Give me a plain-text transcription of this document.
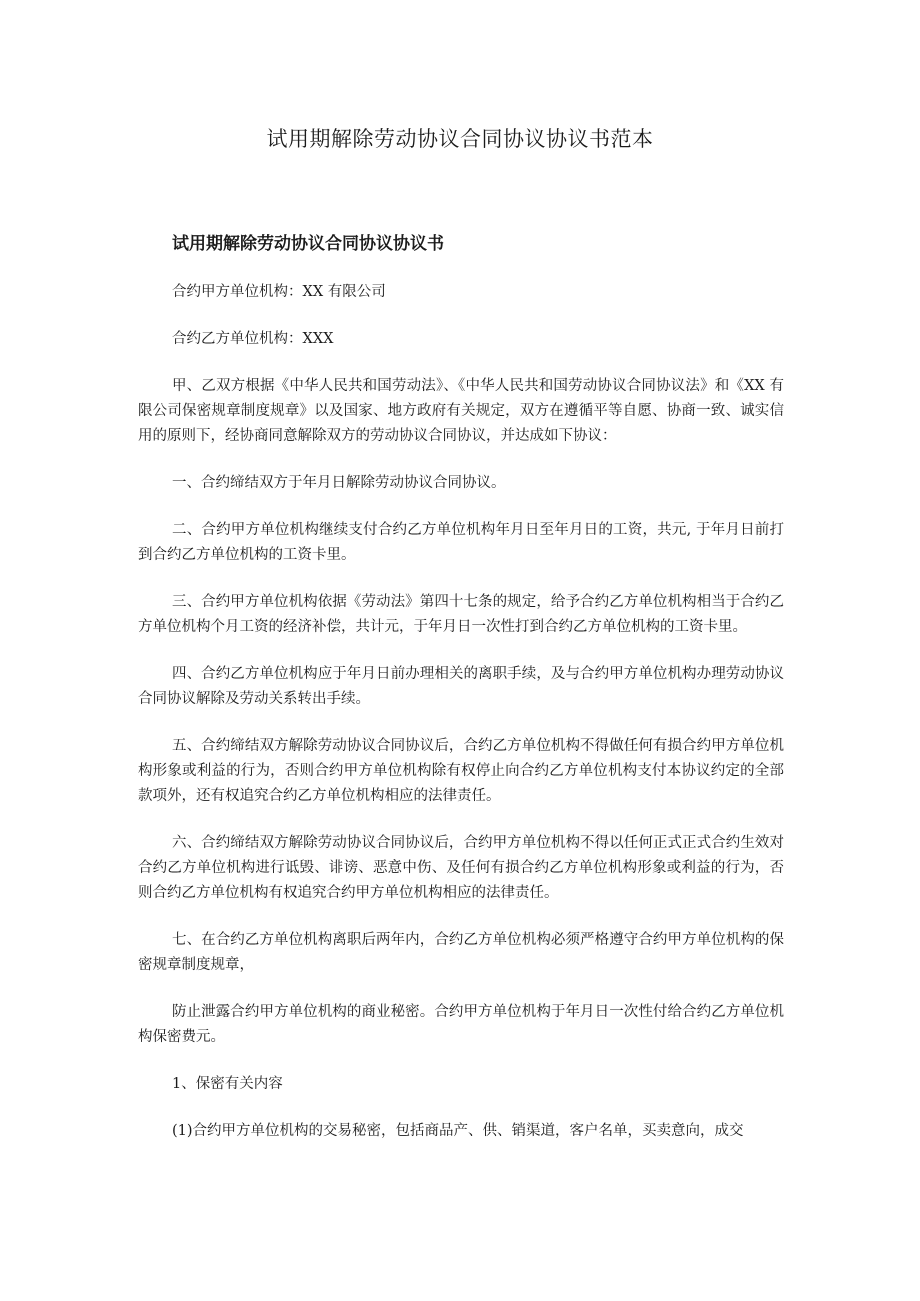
试用期解除劳动协议合同协议协议书范本
试用期解除劳动协议合同协议协议书
合约甲方单位机构：XX 有限公司
合约乙方单位机构：XXX

甲、乙双方根据《中华人民共和国劳动法》、《中华人民共和国劳动协议合同协议法》和《XX 有限公司保密规章制度规章》以及国家、地方政府有关规定，双方在遵循平等自愿、协商一致、诚实信用的原则下，经协商同意解除双方的劳动协议合同协议，并达成如下协议：

一、合约缔结双方于年月日解除劳动协议合同协议。

二、合约甲方单位机构继续支付合约乙方单位机构年月日至年月日的工资，共元, 于年月日前打到合约乙方单位机构的工资卡里。

三、合约甲方单位机构依据《劳动法》第四十七条的规定，给予合约乙方单位机构相当于合约乙方单位机构个月工资的经济补偿，共计元，于年月日一次性打到合约乙方单位机构的工资卡里。

四、合约乙方单位机构应于年月日前办理相关的离职手续，及与合约甲方单位机构办理劳动协议合同协议解除及劳动关系转出手续。

五、合约缔结双方解除劳动协议合同协议后，合约乙方单位机构不得做任何有损合约甲方单位机构形象或利益的行为，否则合约甲方单位机构除有权停止向合约乙方单位机构支付本协议约定的全部款项外，还有权追究合约乙方单位机构相应的法律责任。

六、合约缔结双方解除劳动协议合同协议后，合约甲方单位机构不得以任何正式正式合约生效对合约乙方单位机构进行诋毁、诽谤、恶意中伤、及任何有损合约乙方单位机构形象或利益的行为，否则合约乙方单位机构有权追究合约甲方单位机构相应的法律责任。

七、在合约乙方单位机构离职后两年内，合约乙方单位机构必须严格遵守合约甲方单位机构的保密规章制度规章，

防止泄露合约甲方单位机构的商业秘密。合约甲方单位机构于年月日一次性付给合约乙方单位机构保密费元。

1、保密有关内容

(1)合约甲方单位机构的交易秘密，包括商品产、供、销渠道，客户名单，买卖意向，成交
